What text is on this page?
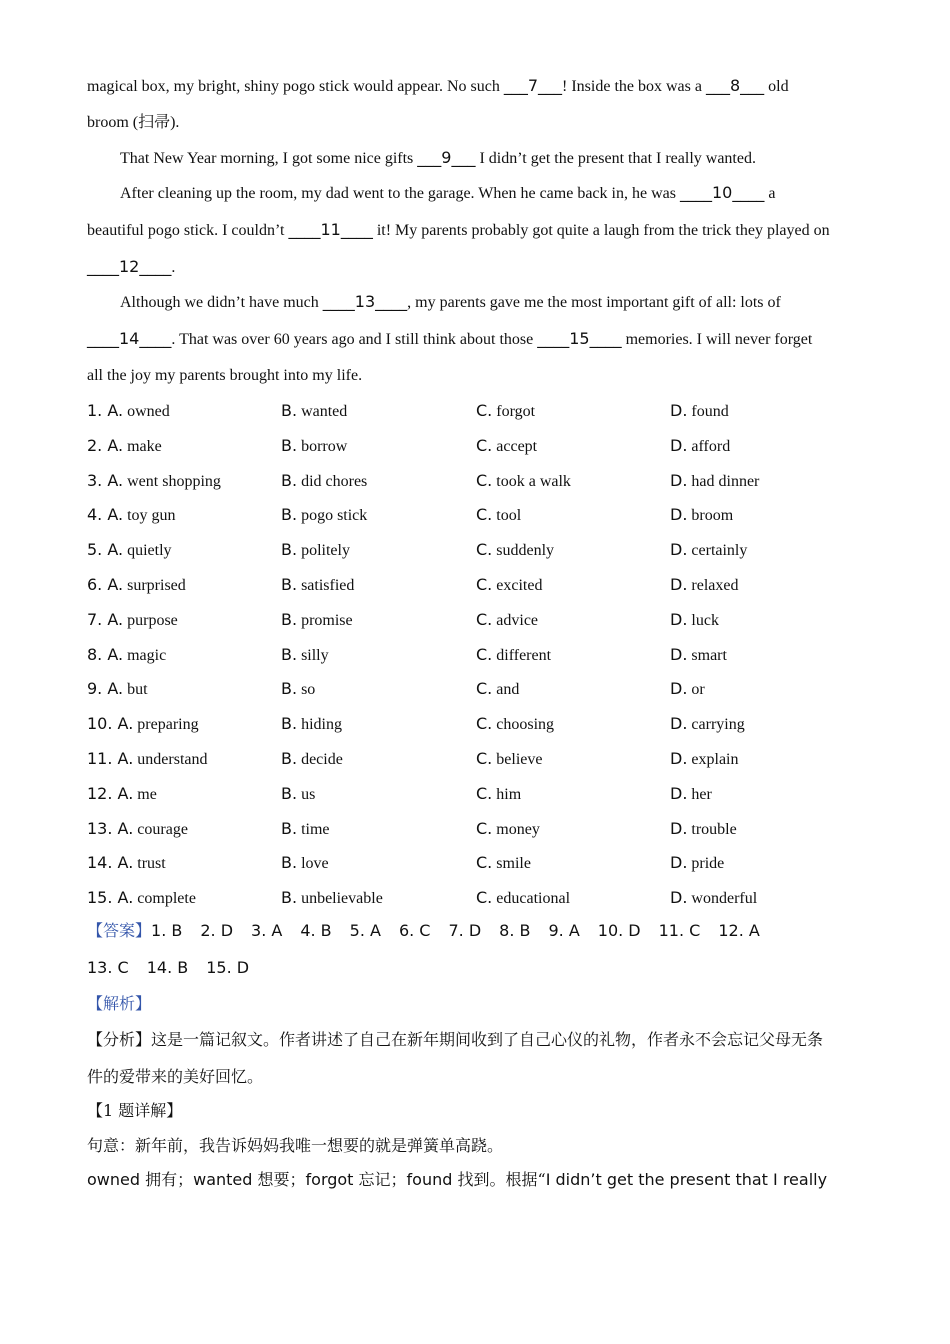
magical box, my bright, shiny pogo stick would appear. No such ___7___! Inside the box was a ___8___ old
broom (扫帚).
That New Year morning, I got some nice gifts ___9___ I didn’t get the present that I really wanted.
After cleaning up the room, my dad went to the garage. When he came back in, he was ____10____ a
beautiful pogo stick. I couldn’t ____11____ it! My parents probably got quite a laugh from the trick they played on
____12____.
Although we didn’t have much ____13____, my parents gave me the most important gift of all: lots of
____14____. That was over 60 years ago and I still think about those ____15____ memories. I will never forget
all the joy my parents brought into my life.
1. A. owned	B. wanted	C. forgot	D. found
2. A. make	B. borrow	C. accept	D. afford
3. A. went shopping	B. did chores	C. took a walk	D. had dinner
4. A. toy gun	B. pogo stick	C. tool	D. broom
5. A. quietly	B. politely	C. suddenly	D. certainly
6. A. surprised	B. satisfied	C. excited	D. relaxed
7. A. purpose	B. promise	C. advice	D. luck
8. A. magic	B. silly	C. different	D. smart
9. A. but	B. so	C. and	D. or
10. A. preparing	B. hiding	C. choosing	D. carrying
11. A. understand	B. decide	C. believe	D. explain
12. A. me	B. us	C. him	D. her
13. A. courage	B. time	C. money	D. trouble
14. A. trust	B. love	C. smile	D. pride
15. A. complete	B. unbelievable	C. educational	D. wonderful
【答案】1. B 2. D 3. A 4. B 5. A 6. C 7. D 8. B 9. A 10. D 11. C 12. A
13. C 14. B 15. D
【解析】
【分析】这是一篇记叙文。作者讲述了自己在新年期间收到了自己心仪的礼物，作者永不会忘记父母无条
件的爱带来的美好回忆。
【1 题详解】
句意：新年前，我告诉妈妈我唯一想要的就是弹簧单高跷。
owned 拥有；wanted 想要；forgot 忘记；found 找到。根据“I didn’t get the present that I really
